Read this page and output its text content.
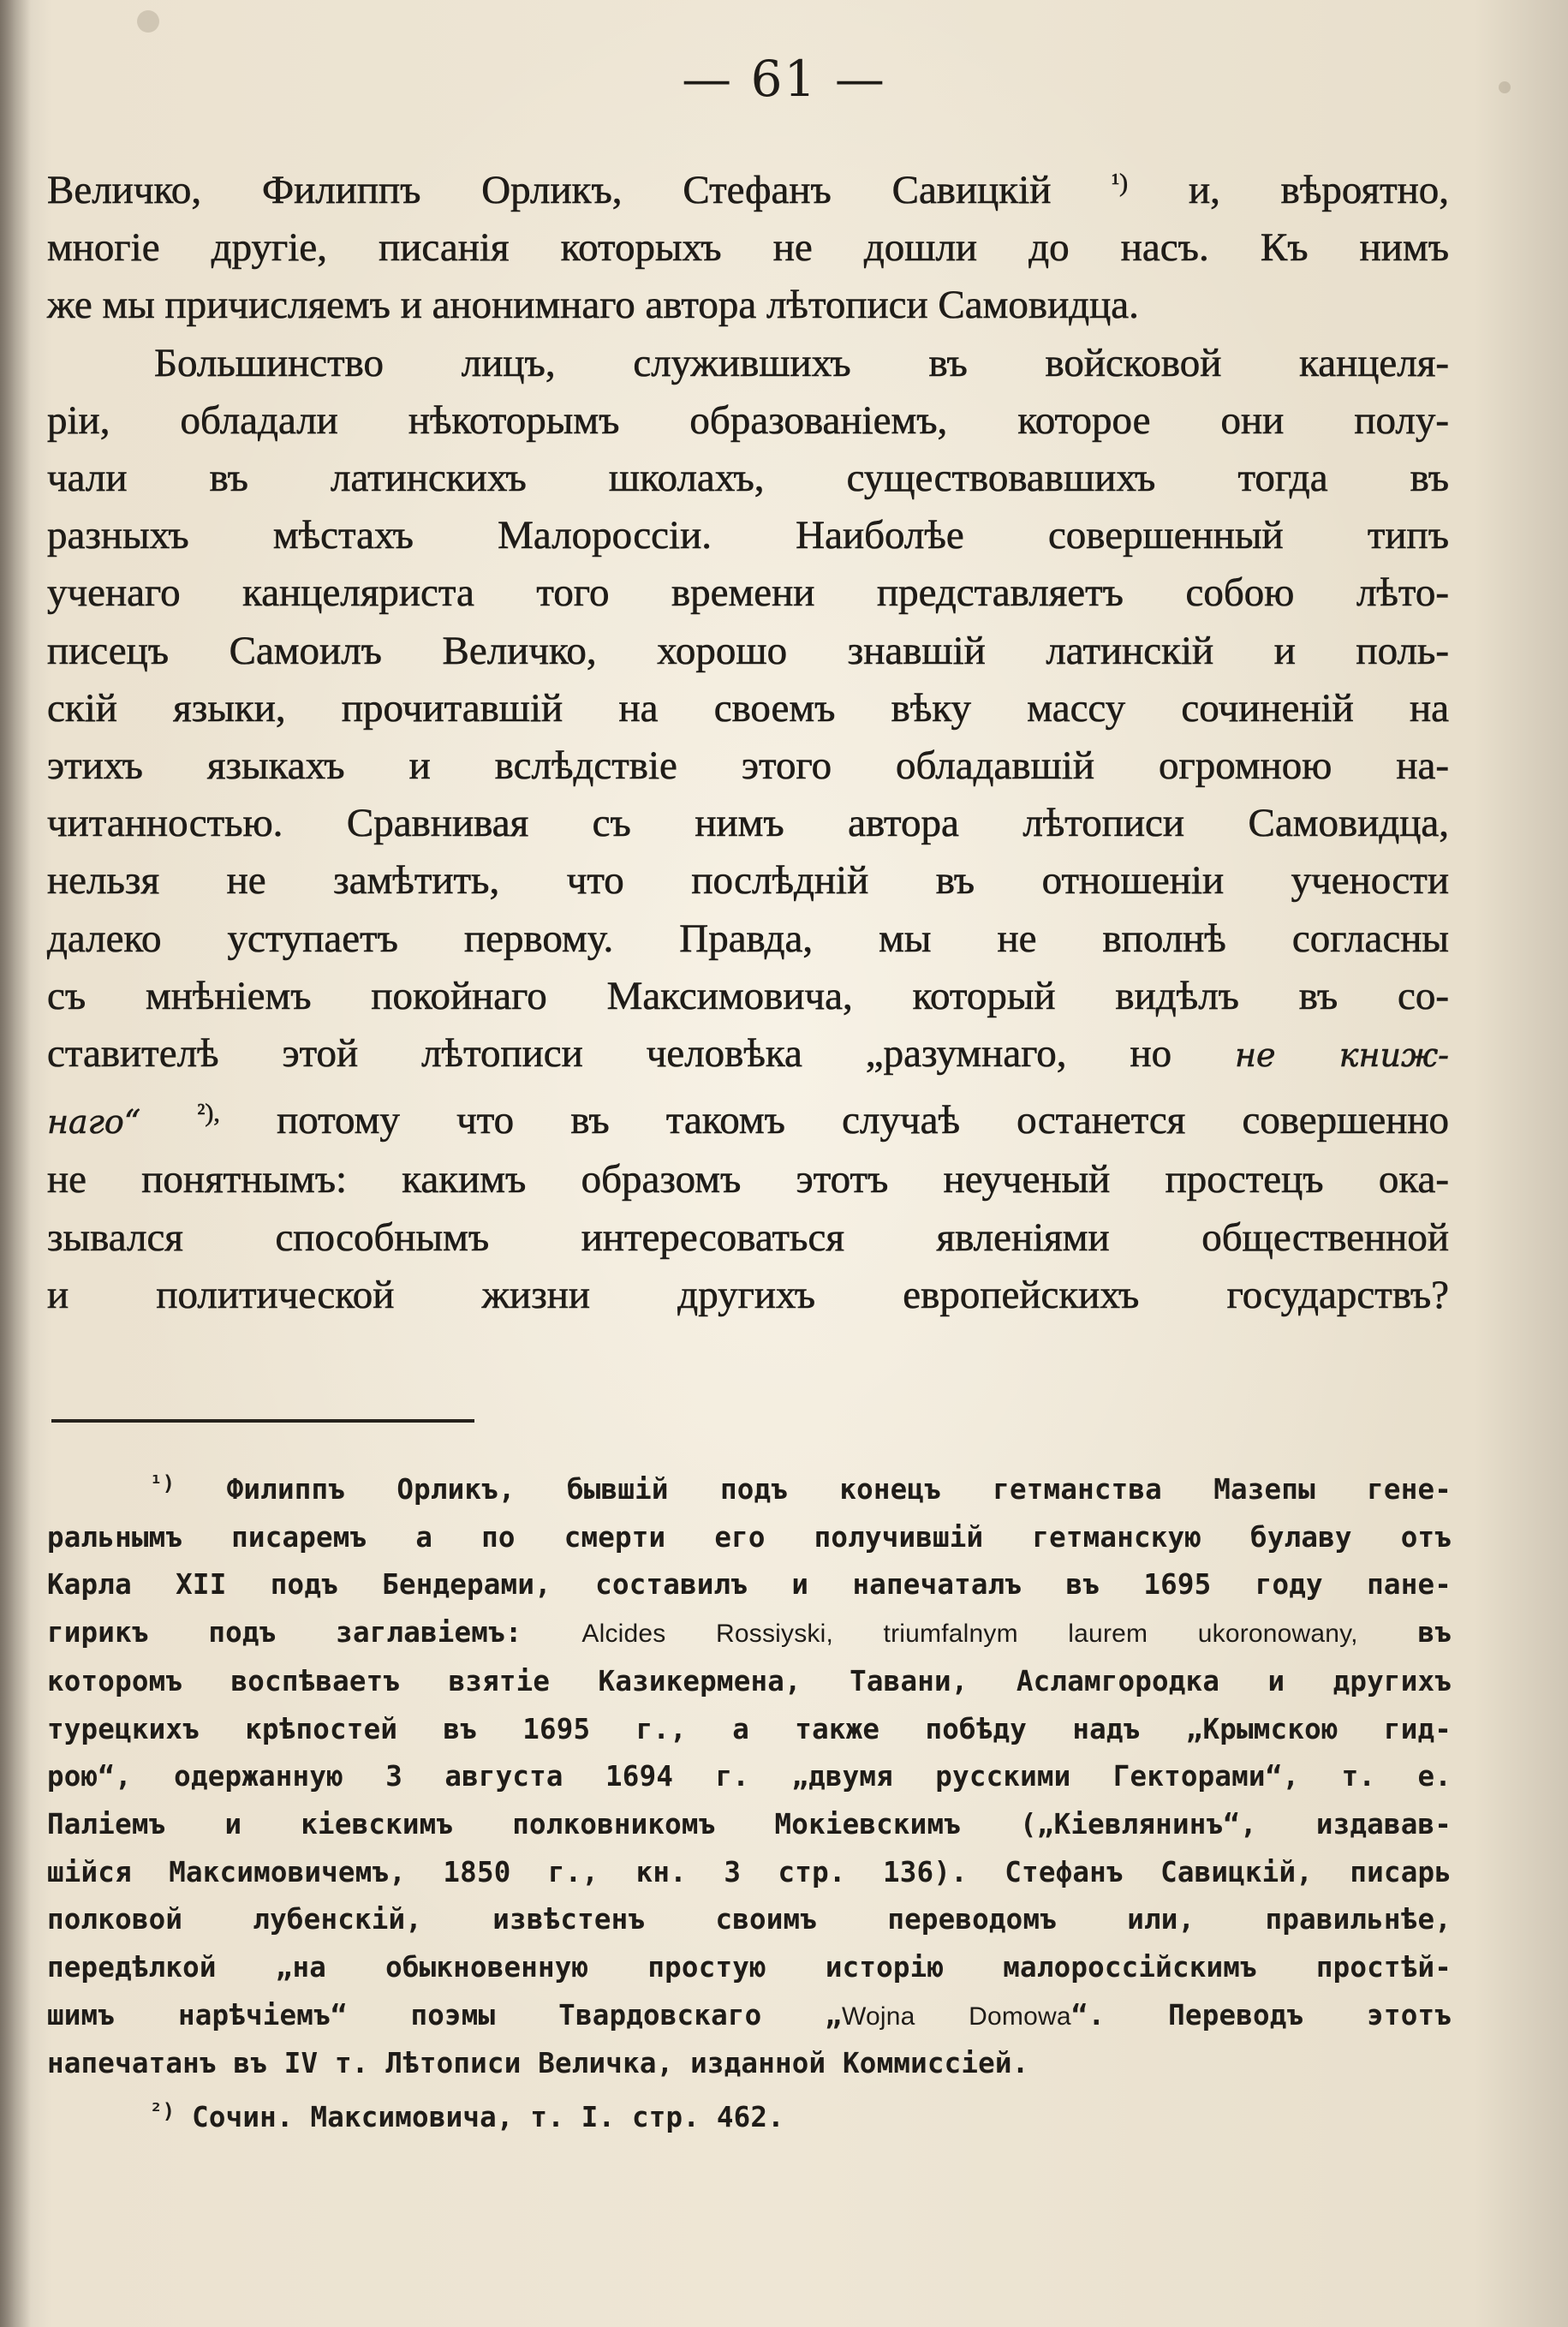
— 61 —

Величко, Филиппъ Орликъ, Стефанъ Савицкій $^{^1)}$ и, вѣроятно,
многіе другіе, писанія которыхъ не дошли до насъ. Къ нимъ
же мы причисляемъ и анонимнаго автора лѣтописи Самовидца.

Большинство лицъ, служившихъ въ войсковой канцеля-
ріи, обладали нѣкоторымъ образованіемъ, которое они полу-
чали въ латинскихъ школахъ, существовавшихъ тогда въ
разныхъ мѣстахъ Малороссіи. Наиболѣе совершенный типъ
ученаго канцеляриста того времени представляетъ собою лѣто-
писецъ Самоилъ Величко, хорошо знавшій латинскій и поль-
скій языки, прочитавшій на своемъ вѣку массу сочиненій на
этихъ языкахъ и вслѣдствіе этого обладавшій огромною на-
читанностью. Сравнивая съ нимъ автора лѣтописи Самовидца,
нельзя не замѣтить, что послѣдній въ отношеніи учености
далеко уступаетъ первому. Правда, мы не вполнѣ согласны
съ мнѣніемъ покойнаго Максимовича, который видѣлъ въ со-
ставителѣ этой лѣтописи человѣка „разумнаго, но не книж-
наго“ $^{^2),}$ потому что въ такомъ случаѣ останется совершенно
не понятнымъ: какимъ образомъ этотъ неученый простецъ ока-
зывался способнымъ интересоваться явленіями общественной
и политической жизни другихъ европейскихъ государствъ?

$^{^1)}$ Филиппъ Орликъ, бывшій подъ конецъ гетманства Мазепы гене-
ральнымъ писаремъ а по смерти его получившій гетманскую булаву отъ
Карла XII подъ Бендерами, составилъ и напечаталъ въ 1695 году пане-
гирикъ подъ заглавіемъ: Alcides Rossiyski, triumfalnym laurem ukoronowany, въ
которомъ воспѣваетъ взятіе Казикермена, Тавани, Асламгородка и другихъ
турецкихъ крѣпостей въ 1695 г., а также побѣду надъ „Крымскою гид-
рою“, одержанную 3 августа 1694 г. „двумя русскими Гекторами“, т. е.
Паліемъ и кіевскимъ полковникомъ Мокіевскимъ („Кіевлянинъ“, издавав-
шійся Максимовичемъ, 1850 г., кн. 3 стр. 136). Стефанъ Савицкій, писарь
полковой лубенскій, извѣстенъ своимъ переводомъ или, правильнѣе,
передѣлкой „на обыкновенную простую исторію малороссійскимъ простѣй-
шимъ нарѣчіемъ“ поэмы Твардовскаго „Wojna Domowa“. Переводъ этотъ
напечатанъ въ IV т. Лѣтописи Величка, изданной Коммиссіей.

$^{^2)}$ Сочин. Максимовича, т. I. стр. 462.
